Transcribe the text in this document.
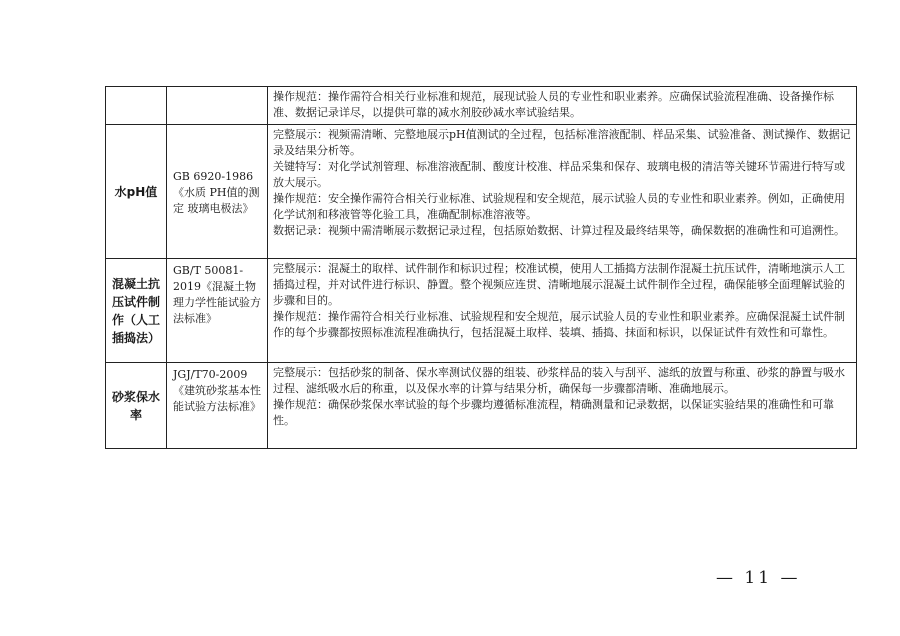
		操作规范：操作需符合相关行业标准和规范，展现试验人员的专业性和职业素养。应确保试验流程准确、设备操作标准、数据记录详尽，以提供可靠的减水剂胶砂减水率试验结果。

水pH值	GB 6920-1986《水质 PH值的测定 玻璃电极法》	完整展示：视频需清晰、完整地展示pH值测试的全过程，包括标准溶液配制、样品采集、试验准备、测试操作、数据记录及结果分析等。

关键特写：对化学试剂管理、标准溶液配制、酸度计校准、样品采集和保存、玻璃电极的清洁等关键环节需进行特写或放大展示。

操作规范：安全操作需符合相关行业标准、试验规程和安全规范，展示试验人员的专业性和职业素养。例如，正确使用化学试剂和移液管等化验工具，准确配制标准溶液等。

数据记录：视频中需清晰展示数据记录过程，包括原始数据、计算过程及最终结果等，确保数据的准确性和可追溯性。

混凝土抗压试件制作（人工插捣法）	GB/T 50081-2019《混凝土物理力学性能试验方法标准》	完整展示：混凝土的取样、试件制作和标识过程；校准试模，使用人工插捣方法制作混凝土抗压试件，清晰地演示人工插捣过程，并对试件进行标识、静置。整个视频应连贯、清晰地展示混凝土试件制作全过程，确保能够全面理解试验的步骤和目的。

操作规范：操作需符合相关行业标准、试验规程和安全规范，展示试验人员的专业性和职业素养。应确保混凝土试件制作的每个步骤都按照标准流程准确执行，包括混凝土取样、装填、插捣、抹面和标识，以保证试件有效性和可靠性。

砂浆保水率	JGJ/T70-2009《建筑砂浆基本性能试验方法标准》	完整展示：包括砂浆的制备、保水率测试仪器的组装、砂浆样品的装入与刮平、滤纸的放置与称重、砂浆的静置与吸水过程、滤纸吸水后的称重，以及保水率的计算与结果分析，确保每一步骤都清晰、准确地展示。

操作规范：确保砂浆保水率试验的每个步骤均遵循标准流程，精确测量和记录数据，以保证实验结果的准确性和可靠性。

— 11 —
